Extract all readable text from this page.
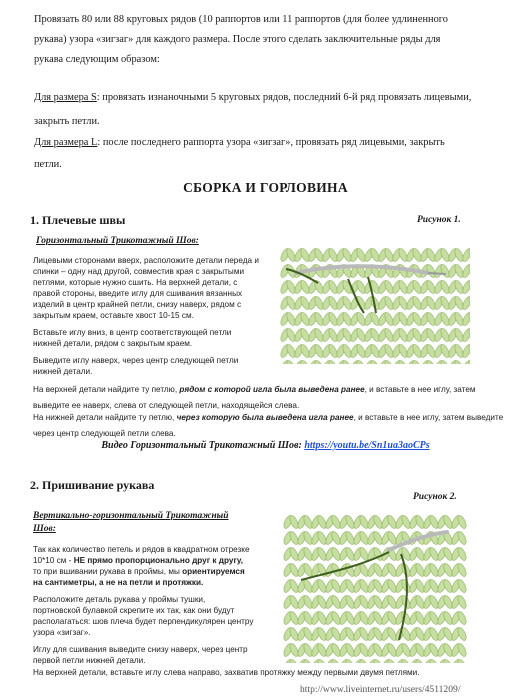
Провязать 80 или 88 круговых рядов (10 раппортов или 11 раппортов (для более удлиненного

рукава) узора «зигзаг» для каждого размера. После этого сделать заключительные ряды для

рукава следующим образом:

Для размера S: провязать изнаночными 5 круговых рядов, последний 6-й ряд провязать лицевыми,

закрыть петли.

Для размера L: после последнего раппорта узора «зигзаг», провязать ряд лицевыми, закрыть

петли.

СБОРКА И ГОРЛОВИНА
1. Плечевые швы	Рисунок 1.
Горизонтальный Трикотажный Шов:

Лицевыми сторонами вверх, расположите детали переда и

спинки – одну над другой, совместив края с закрытыми

петлями, которые нужно сшить. На верхней детали, с

правой стороны, введите иглу для сшивания вязанных

изделий в центр крайней петли, снизу наверх, рядом с

закрытым краем, оставьте хвост 10-15 см.

Вставьте иглу вниз, в центр соответствующей петли

нижней детали, рядом с закрытым краем.

Выведите иглу наверх, через центр следующей петли

нижней детали.

На верхней детали найдите ту петлю, рядом с которой игла была выведена ранее, и вставьте в нее иглу, затем
выведите ее наверх, слева от следующей петли, находящейся слева.
На нижней детали найдите ту петлю, через которую была выведена игла ранее, и вставьте в нее иглу, затем выведите
через центр следующей петли слева.
Видео Горизонтальный Трикотажный Шов: https://youtu.be/Sn1ua3aoCPs
2. Пришивание рукава
Рисунок 2.
Вертикально-горизонтальный Трикотажный
Шов:

Так как количество петель и рядов в квадратном отрезке

10*10 см - НЕ прямо пропорционально друг к другу,

то при вшивании рукава в проймы, мы ориентируемся

на сантиметры, а не на петли и протяжки.

Расположите деталь рукава у проймы тушки,

портновской булавкой скрепите их так, как они будут

располагаться: шов плеча будет перпендикулярен центру

узора «зигзаг».

Иглу для сшивания выведите снизу наверх, через центр

первой петли нижней детали.

На верхней детали, вставьте иглу слева направо, захватив протяжку между первыми двумя петлями.
http://www.liveinternet.ru/users/4511209/
